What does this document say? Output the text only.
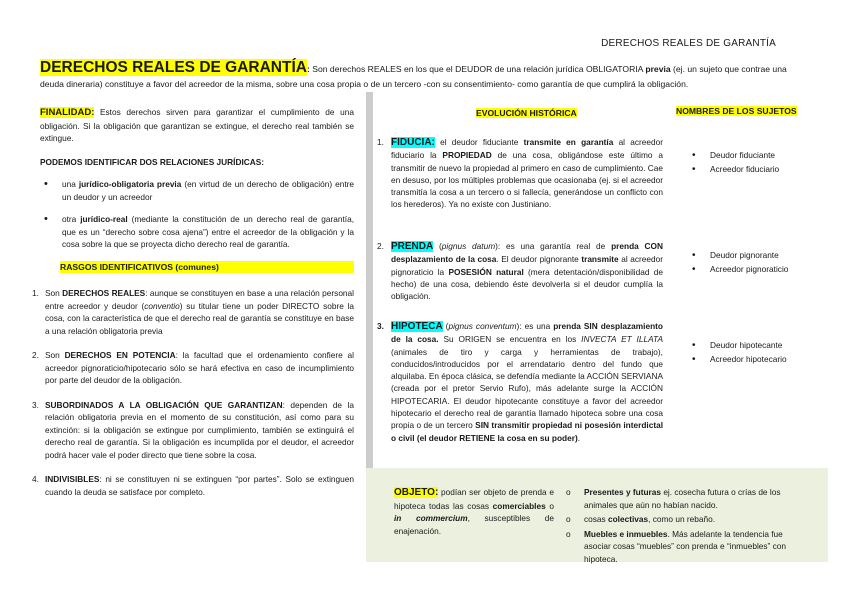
DERECHOS REALES DE GARANTÍA
DERECHOS REALES DE GARANTÍA: Son derechos REALES en los que el DEUDOR de una relación jurídica OBLIGATORIA previa (ej. un sujeto que contrae una deuda dineraria) constituye a favor del acreedor de la misma, sobre una cosa propia o de un tercero -con su consentimiento- como garantía de que cumplirá la obligación.
FINALIDAD: Estos derechos sirven para garantizar el cumplimiento de una obligación. Si la obligación que garantizan se extingue, el derecho real también se extingue.
PODEMOS IDENTIFICAR DOS RELACIONES JURÍDICAS:
• una jurídico-obligatoria previa (en virtud de un derecho de obligación) entre un deudor y un acreedor
• otra jurídico-real (mediante la constitución de un derecho real de garantía, que es un “derecho sobre cosa ajena”) entre el acreedor de la obligación y la cosa sobre la que se proyecta dicho derecho real de garantía.
RASGOS IDENTIFICATIVOS (comunes)
1. Son DERECHOS REALES: aunque se constituyen en base a una relación personal entre acreedor y deudor (conventio) su titular tiene un poder DIRECTO sobre la cosa, con la característica de que el derecho real de garantía se constituye en base a una relación obligatoria previa
2. Son DERECHOS EN POTENCIA: la facultad que el ordenamiento confiere al acreedor pignoraticio/hipotecario sólo se hará efectiva en caso de incumplimiento por parte del deudor de la obligación.
3. SUBORDINADOS A LA OBLIGACIÓN QUE GARANTIZAN: dependen de la relación obligatoria previa en el momento de su constitución, así como para su extinción: si la obligación se extingue por cumplimiento, también se extinguirá el derecho real de garantía. Si la obligación es incumplida por el deudor, el acreedor podrá hacer vale el poder directo que tiene sobre la cosa.
4. INDIVISIBLES: ni se constituyen ni se extinguen “por partes”. Solo se extinguen cuando la deuda se satisface por completo.
EVOLUCIÓN HISTÓRICA
1. FIDUCIA: el deudor fiduciante transmite en garantía al acreedor fiduciario la PROPIEDAD de una cosa, obligándose este último a transmitir de nuevo la propiedad al primero en caso de cumplimiento. Cae en desuso, por los múltiples problemas que ocasionaba (ej. si el acreedor transmitía la cosa a un tercero o si fallecía, generándose un conflicto con los herederos). Ya no existe con Justiniano.
2. PRENDA (pignus datum): es una garantía real de prenda CON desplazamiento de la cosa. El deudor pignorante transmite al acreedor pignoraticio la POSESIÓN natural (mera detentación/disponibilidad de hecho) de una cosa, debiendo éste devolverla si el deudor cumplía la obligación.
3. HIPOTECA (pignus conventum): es una prenda SIN desplazamiento de la cosa. Su ORIGEN se encuentra en los INVECTA ET ILLATA (animales de tiro y carga y herramientas de trabajo), conducidos/introducidos por el arrendatario dentro del fundo que alquilaba. En época clásica, se defendía mediante la ACCIÓN SERVIANA (creada por el pretor Servio Rufo), más adelante surge la ACCIÓN HIPOTECARIA. El deudor hipotecante constituye a favor del acreedor hipotecario el derecho real de garantía llamado hipoteca sobre una cosa propia o de un tercero SIN transmitir propiedad ni posesión interdictal o civil (el deudor RETIENE la cosa en su poder).
NOMBRES DE LOS SUJETOS
• Deudor fiduciante
• Acreedor fiduciario
• Deudor pignorante
• Acreedor pignoraticio
• Deudor hipotecante
• Acreedor hipotecario
OBJETO: podían ser objeto de prenda e hipoteca todas las cosas comerciables o in commercium, susceptibles de enajenación.
o Presentes y futuras ej. cosecha futura o crías de los animales que aún no habían nacido.
o cosas colectivas, como un rebaño.
o Muebles e inmuebles. Más adelante la tendencia fue asociar cosas “muebles” con prenda e “inmuebles” con hipoteca.
